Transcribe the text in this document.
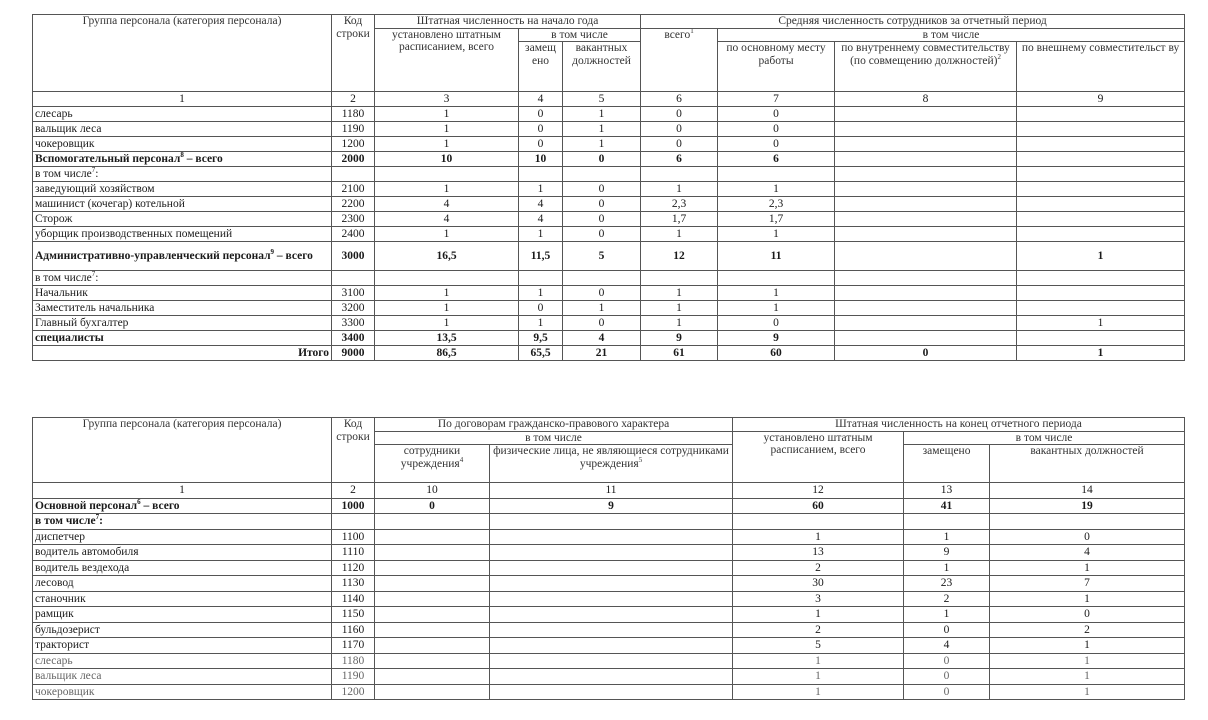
Группа персонала (категория персонала)	Код строки	Штатная численность на начало года			Средняя численность сотрудников за отчетный период			
		установлено штатным расписанием, всего	в том числе		всего$^1$	в том числе		
			замещ ено	вакантных должностей		по основному месту работы	по внутреннему совместительству (по совмещению должностей)$^2$	по внешнему совместительст ву
1	2	3	4	5	6	7	8	9
слесарь	1180	1	0	1	0	0		
вальщик леса	1190	1	0	1	0	0		
чокеровщик	1200	1	0	1	0	0		
Вспомогательный персонал$^8$ – всего	2000	10	10	0	6	6		
в том числе$^7$:								
заведующий хозяйством	2100	1	1	0	1	1		
машинист (кочегар) котельной	2200	4	4	0	2,3	2,3		
Сторож	2300	4	4	0	1,7	1,7		
уборщик производственных помещений	2400	1	1	0	1	1		
Административно-управленческий персонал$^9$ – всего	3000	16,5	11,5	5	12	11		1
в том числе$^7$:								
Начальник	3100	1	1	0	1	1		
Заместитель начальника	3200	1	0	1	1	1		
Главный бухгалтер	3300	1	1	0	1	0		1
специалисты	3400	13,5	9,5	4	9	9		
Итого	9000	86,5	65,5	21	61	60	0	1
Группа персонала (категория персонала)	Код строки	По договорам гражданско-правового характера		Штатная численность на конец отчетного периода		
		в том числе		установлено штатным расписанием, всего	в том числе	
		сотрудники учреждения$^4$	физические лица, не являющиеся сотрудниками учреждения$^5$		замещено	вакантных должностей
1	2	10	11	12	13	14
Основной персонал$^6$ – всего	1000	0	9	60	41	19
в том числе$^7$:						
диспетчер	1100			1	1	0
водитель автомобиля	1110			13	9	4
водитель вездехода	1120			2	1	1
лесовод	1130			30	23	7
станочник	1140			3	2	1
рамщик	1150			1	1	0
бульдозерист	1160			2	0	2
тракторист	1170			5	4	1
слесарь	1180			1	0	1
вальщик леса	1190			1	0	1
чокеровщик	1200			1	0	1
